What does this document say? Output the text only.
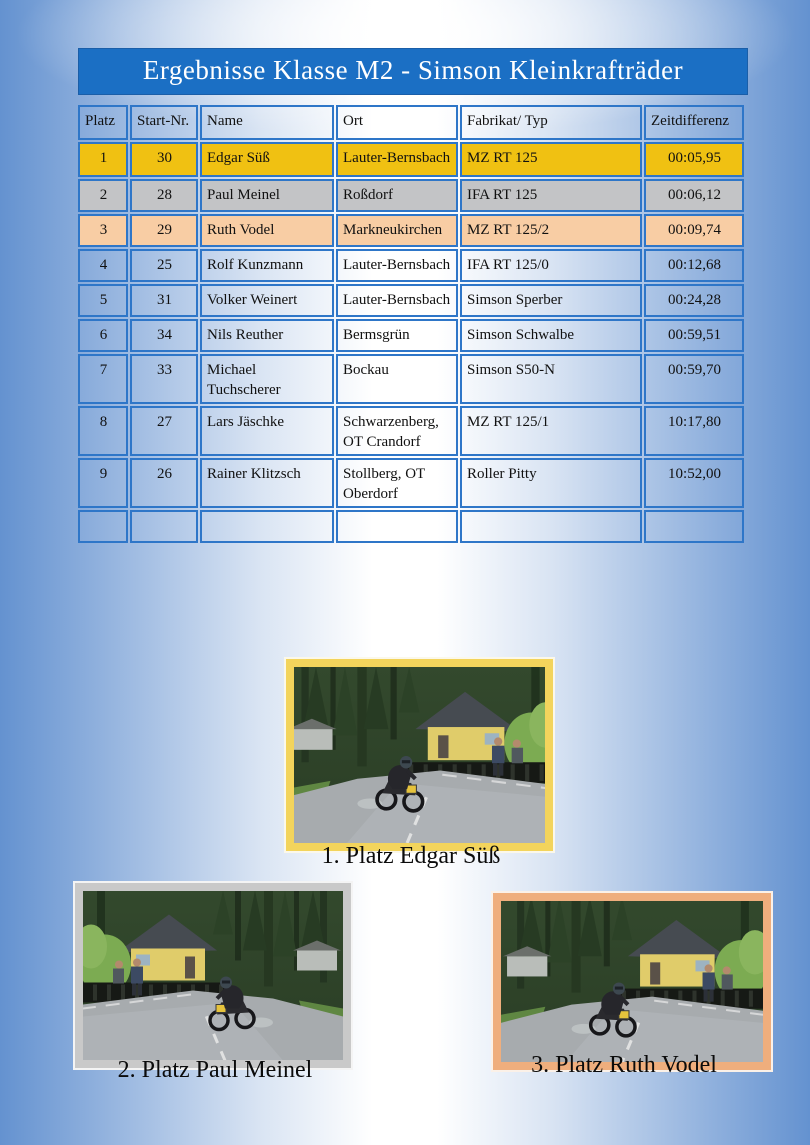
Ergebnisse Klasse M2 - Simson Kleinkrafträder
Platz	Start-Nr.	Name	Ort	Fabrikat/ Typ	Zeitdifferenz
1	30	Edgar Süß	Lauter-Bernsbach	MZ RT 125	00:05,95
2	28	Paul Meinel	Roßdorf	IFA RT 125	00:06,12
3	29	Ruth Vodel	Markneukirchen	MZ RT 125/2	00:09,74
4	25	Rolf Kunzmann	Lauter-Bernsbach	IFA RT 125/0	00:12,68
5	31	Volker Weinert	Lauter-Bernsbach	Simson Sperber	00:24,28
6	34	Nils Reuther	Bermsgrün	Simson Schwalbe	00:59,51
7	33	Michael Tuchscherer	Bockau	Simson S50-N	00:59,70
8	27	Lars Jäschke	Schwarzenberg, OT Crandorf	MZ RT 125/1	10:17,80
9	26	Rainer Klitzsch	Stollberg, OT Oberdorf	Roller Pitty	10:52,00

1. Platz Edgar Süß
2. Platz Paul Meinel	3. Platz Ruth Vodel
